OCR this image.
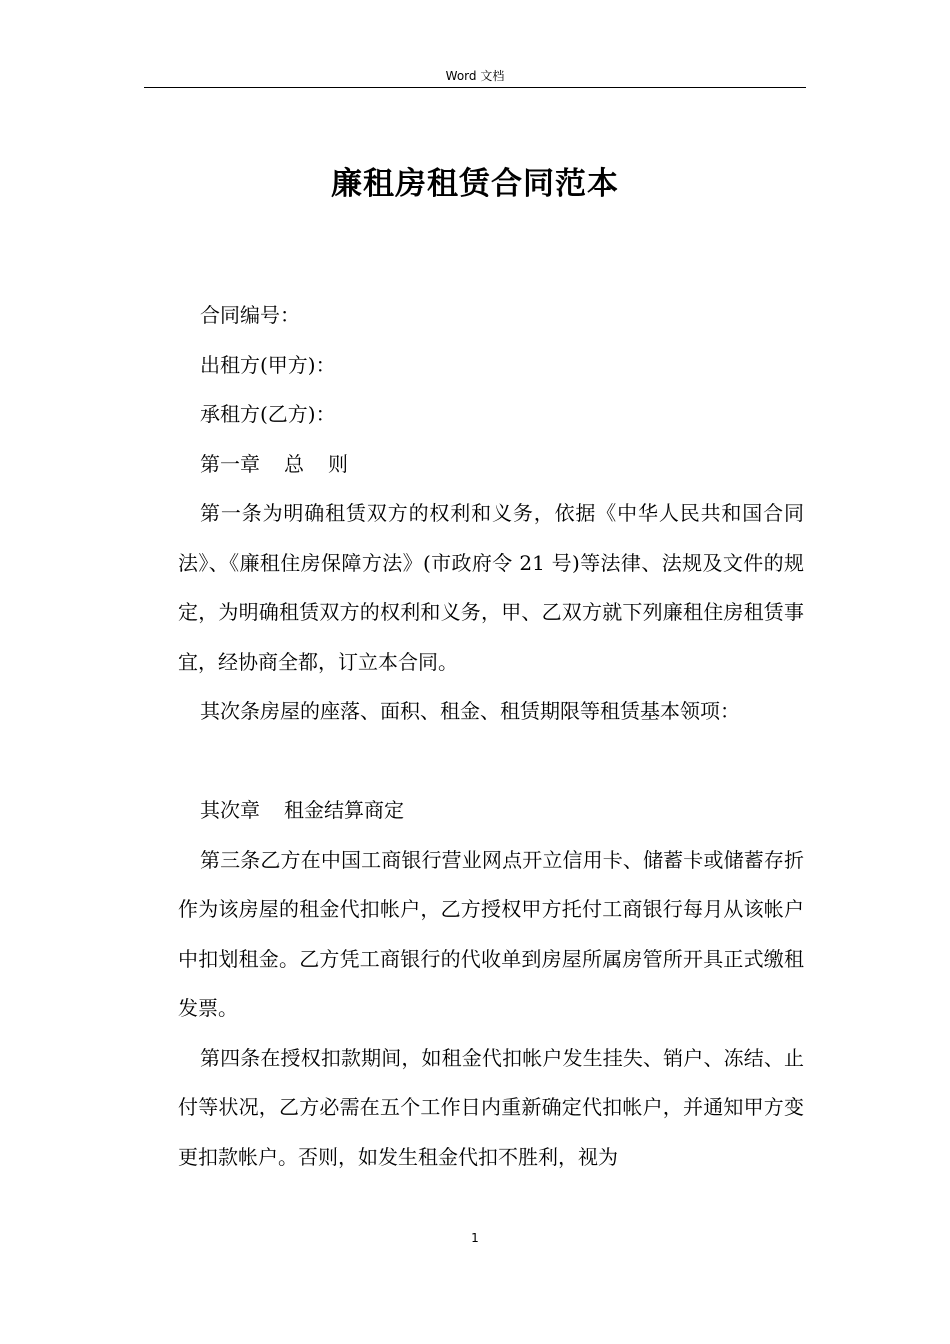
Word 文档
廉租房租赁合同范本

合同编号：

出租方(甲方)：

承租方(乙方)：

第一章 总 则

第一条为明确租赁双方的权利和义务，依据《中华人民共和国合同法》、《廉租住房保障方法》(市政府令 21 号)等法律、法规及文件的规定，为明确租赁双方的权利和义务，甲、乙双方就下列廉租住房租赁事宜，经协商全都，订立本合同。

其次条房屋的座落、面积、租金、租赁期限等租赁基本领项：

其次章 租金结算商定

第三条乙方在中国工商银行营业网点开立信用卡、储蓄卡或储蓄存折作为该房屋的租金代扣帐户，乙方授权甲方托付工商银行每月从该帐户中扣划租金。乙方凭工商银行的代收单到房屋所属房管所开具正式缴租发票。

第四条在授权扣款期间，如租金代扣帐户发生挂失、销户、冻结、止付等状况，乙方必需在五个工作日内重新确定代扣帐户，并通知甲方变更扣款帐户。否则，如发生租金代扣不胜利，视为

1
